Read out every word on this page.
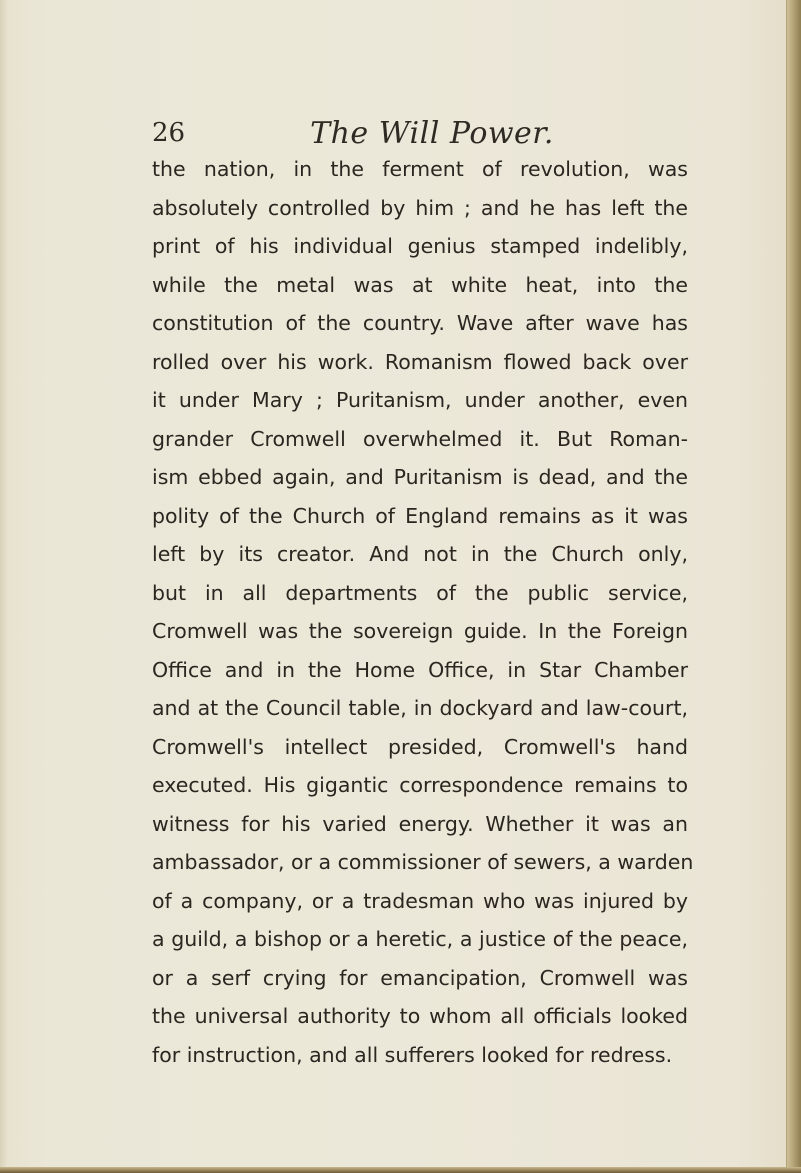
26	The Will Power.
the nation, in the ferment of revolution, was
absolutely controlled by him ; and he has left the
print of his individual genius stamped indelibly,
while the metal was at white heat, into the
constitution of the country. Wave after wave has
rolled over his work. Romanism flowed back over
it under Mary ; Puritanism, under another, even
grander Cromwell overwhelmed it. But Roman-
ism ebbed again, and Puritanism is dead, and the
polity of the Church of England remains as it was
left by its creator. And not in the Church only,
but in all departments of the public service,
Cromwell was the sovereign guide. In the Foreign
Office and in the Home Office, in Star Chamber
and at the Council table, in dockyard and law-court,
Cromwell's intellect presided, Cromwell's hand
executed. His gigantic correspondence remains to
witness for his varied energy. Whether it was an
ambassador, or a commissioner of sewers, a warden
of a company, or a tradesman who was injured by
a guild, a bishop or a heretic, a justice of the peace,
or a serf crying for emancipation, Cromwell was
the universal authority to whom all officials looked
for instruction, and all sufferers looked for redress.
